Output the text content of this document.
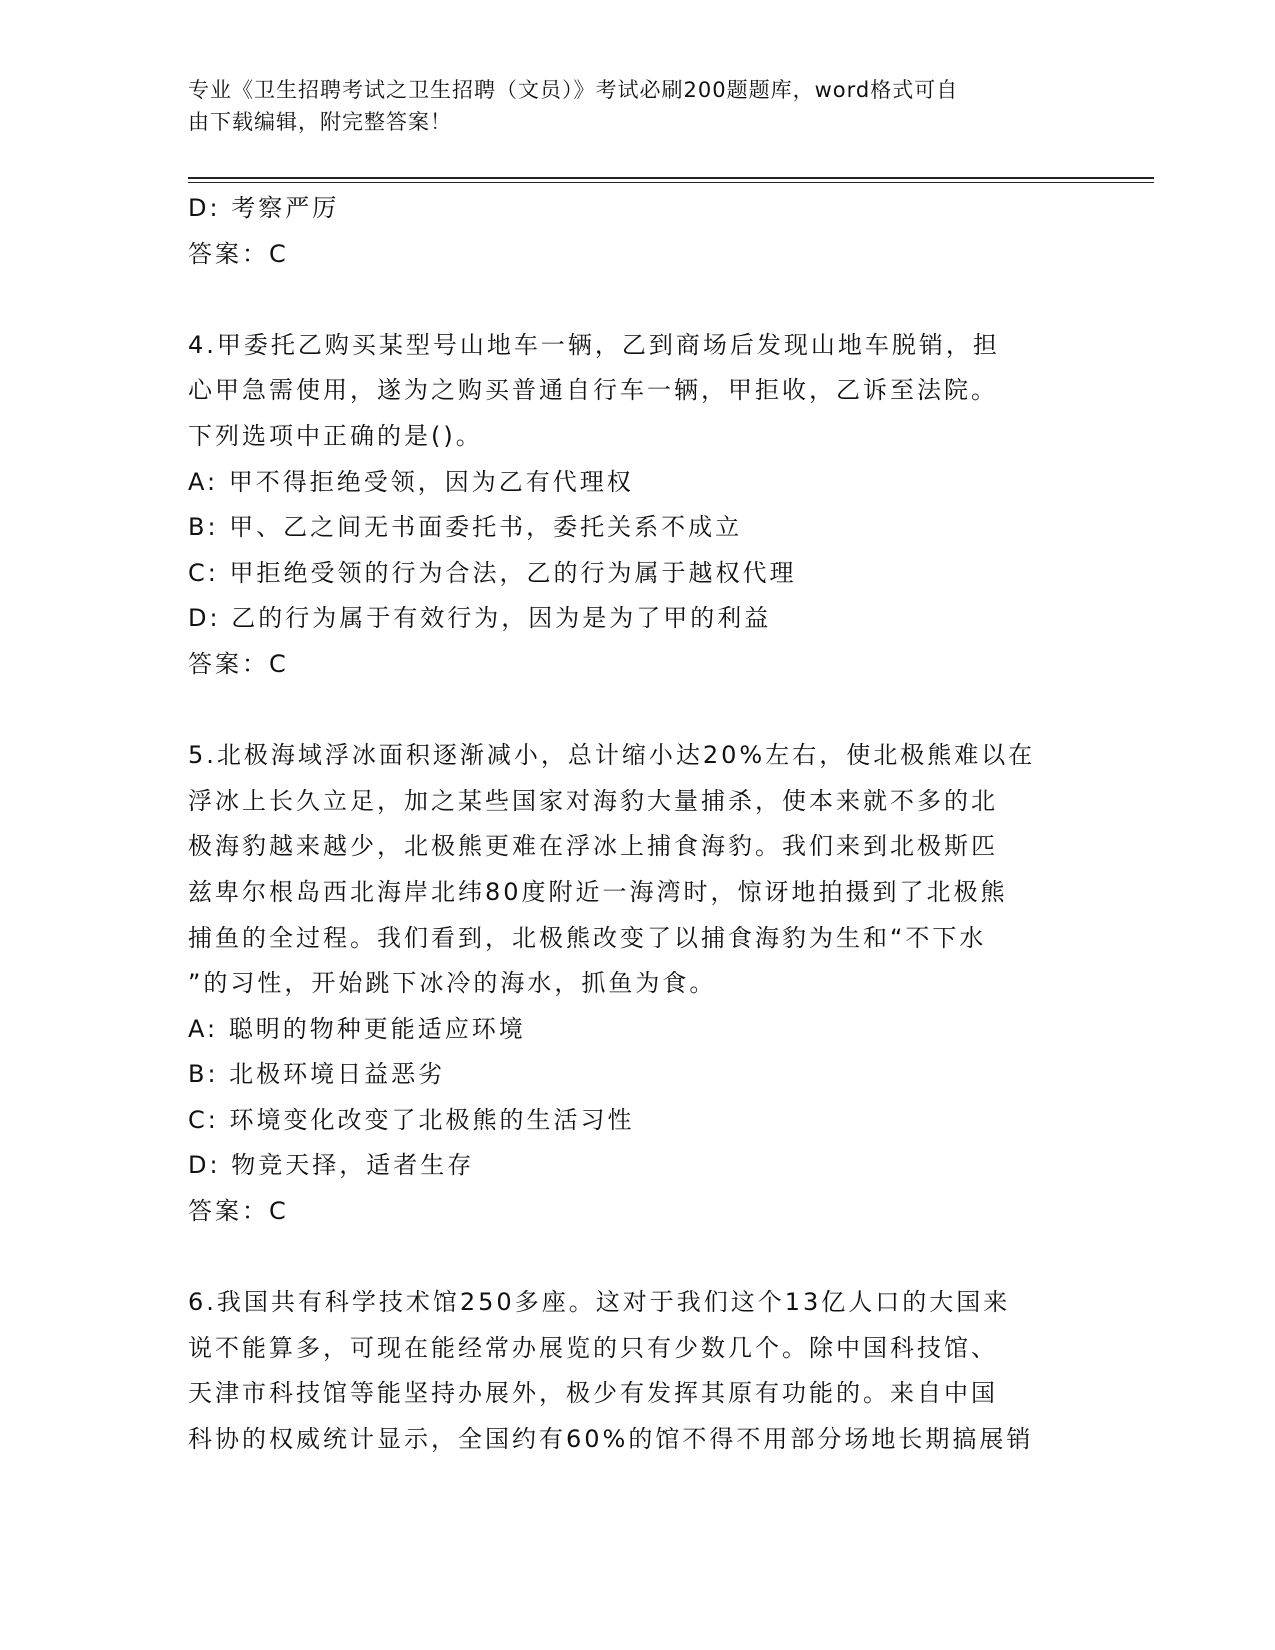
专业《卫生招聘考试之卫生招聘（文员）》考试必刷200题题库，word格式可自
由下载编辑，附完整答案！
D: 考察严厉
答案：C
4.甲委托乙购买某型号山地车一辆，乙到商场后发现山地车脱销，担
心甲急需使用，遂为之购买普通自行车一辆，甲拒收，乙诉至法院。
下列选项中正确的是()。
A: 甲不得拒绝受领，因为乙有代理权
B: 甲、乙之间无书面委托书，委托关系不成立
C: 甲拒绝受领的行为合法，乙的行为属于越权代理
D: 乙的行为属于有效行为，因为是为了甲的利益
答案：C
5.北极海域浮冰面积逐渐减小，总计缩小达20%左右，使北极熊难以在
浮冰上长久立足，加之某些国家对海豹大量捕杀，使本来就不多的北
极海豹越来越少，北极熊更难在浮冰上捕食海豹。我们来到北极斯匹
兹卑尔根岛西北海岸北纬80度附近一海湾时，惊讶地拍摄到了北极熊
捕鱼的全过程。我们看到，北极熊改变了以捕食海豹为生和“不下水
”的习性，开始跳下冰冷的海水，抓鱼为食。
A: 聪明的物种更能适应环境
B: 北极环境日益恶劣
C: 环境变化改变了北极熊的生活习性
D: 物竞天择，适者生存
答案：C
6.我国共有科学技术馆250多座。这对于我们这个13亿人口的大国来
说不能算多，可现在能经常办展览的只有少数几个。除中国科技馆、
天津市科技馆等能坚持办展外，极少有发挥其原有功能的。来自中国
科协的权威统计显示，全国约有60%的馆不得不用部分场地长期搞展销
